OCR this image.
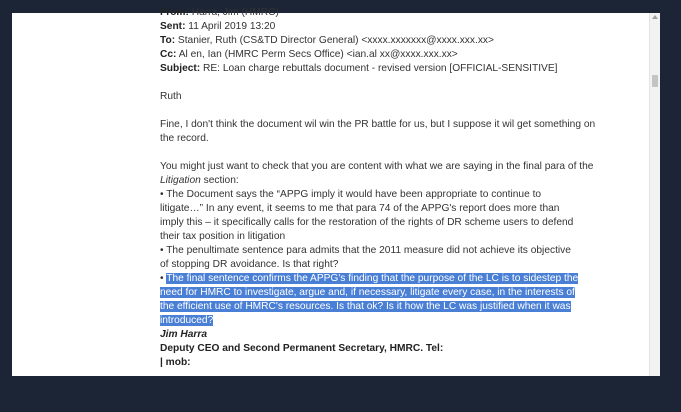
From: Harra, Jim (HMRC)
Sent: 11 April 2019 13:20
To: Stanier, Ruth (CS&TD Director General) <xxxx.xxxxxxx@xxxx.xxx.xx>
Cc: Al en, Ian (HMRC Perm Secs Office) <ian.al xx@xxxx.xxx.xx>
Subject: RE: Loan charge rebuttals document - revised version [OFFICIAL-SENSITIVE]
Ruth
Fine, I don't think the document wil win the PR battle for us, but I suppose it wil get something on
the record.
You might just want to check that you are content with what we are saying in the final para of the
Litigation section:
• The Document says the “APPG imply it would have been appropriate to continue to
litigate…” In any event, it seems to me that para 74 of the APPG's report does more than
imply this – it specifically calls for the restoration of the rights of DR scheme users to defend
their tax position in litigation
• The penultimate sentence para admits that the 2011 measure did not achieve its objective
of stopping DR avoidance. Is that right?
• The final sentence confirms the APPG's finding that the purpose of the LC is to sidestep the
need for HMRC to investigate, argue and, if necessary, litigate every case, in the interests of
the efficient use of HMRC's resources. Is that ok? Is it how the LC was justified when it was
introduced?
Jim Harra
Deputy CEO and Second Permanent Secretary, HMRC. Tel:
| mob:
